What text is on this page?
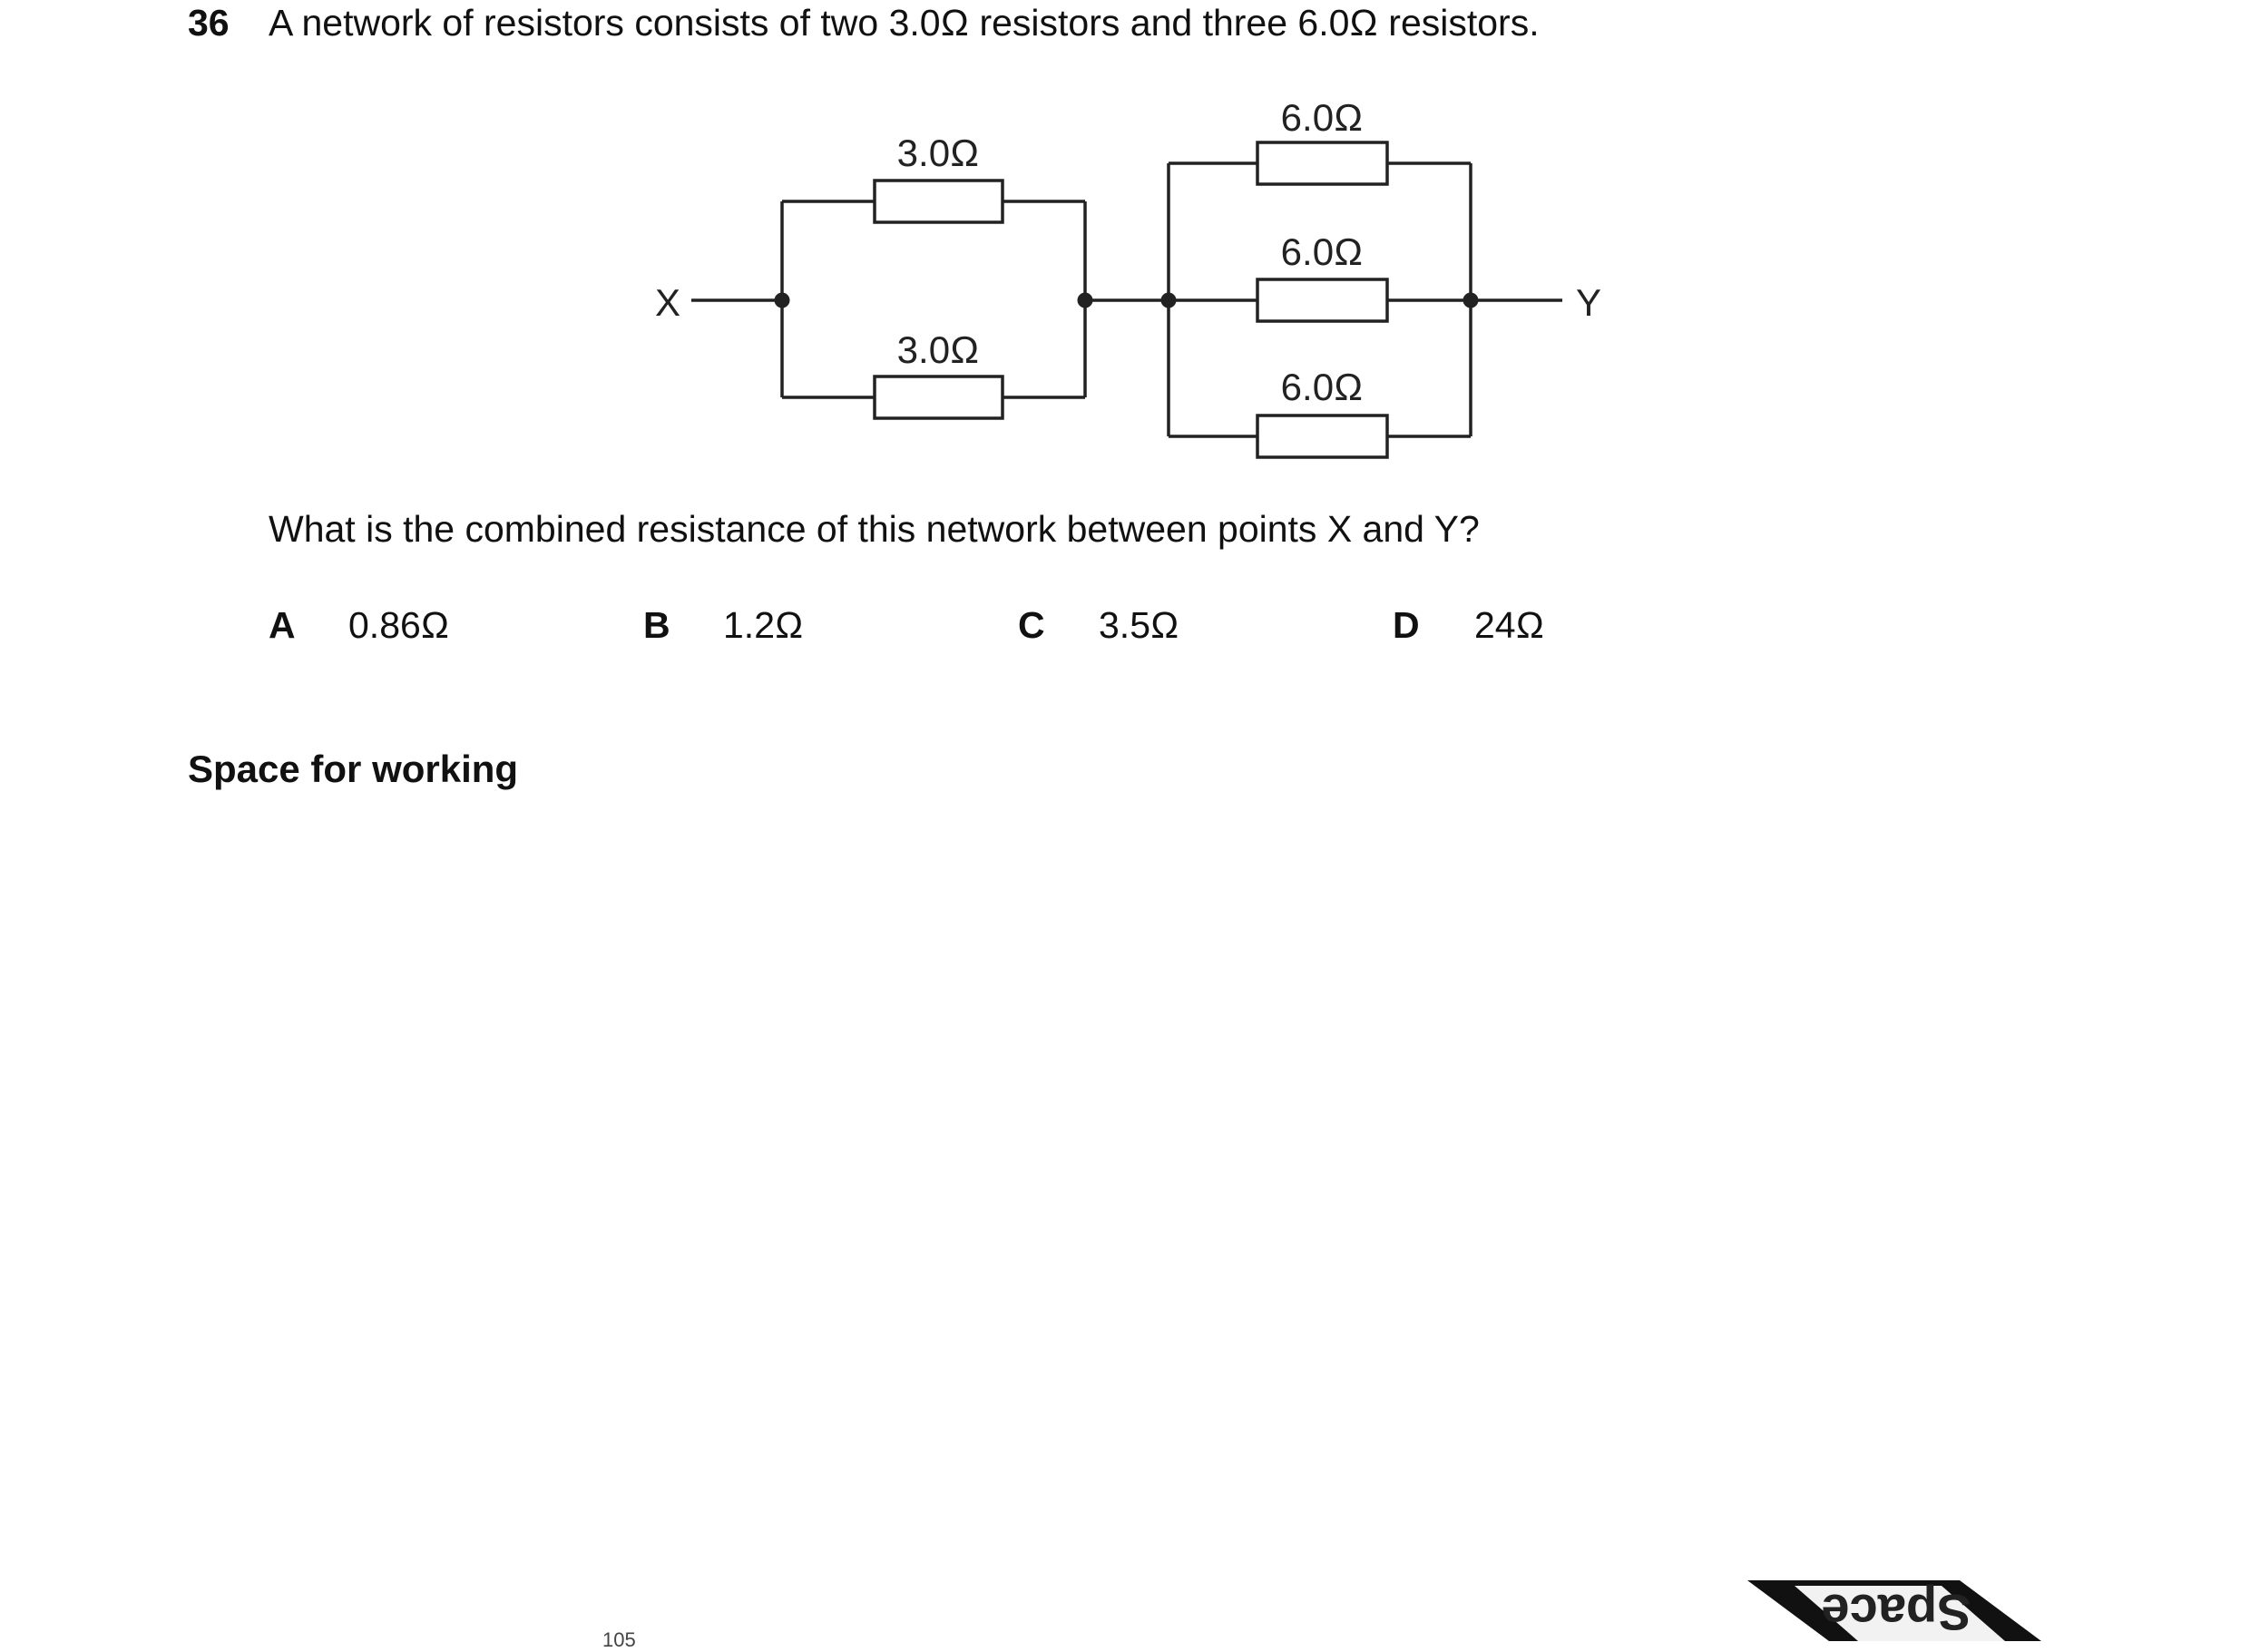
36 A network of resistors consists of two 3.0Ω resistors and three 6.0Ω resistors.
X	Y
3.0Ω
3.0Ω
6.0Ω
6.0Ω
6.0Ω
What is the combined resistance of this network between points X and Y?
A 0.86Ω	B 1.2Ω	C 3.5Ω	D 24Ω
Space for working
105	Space
